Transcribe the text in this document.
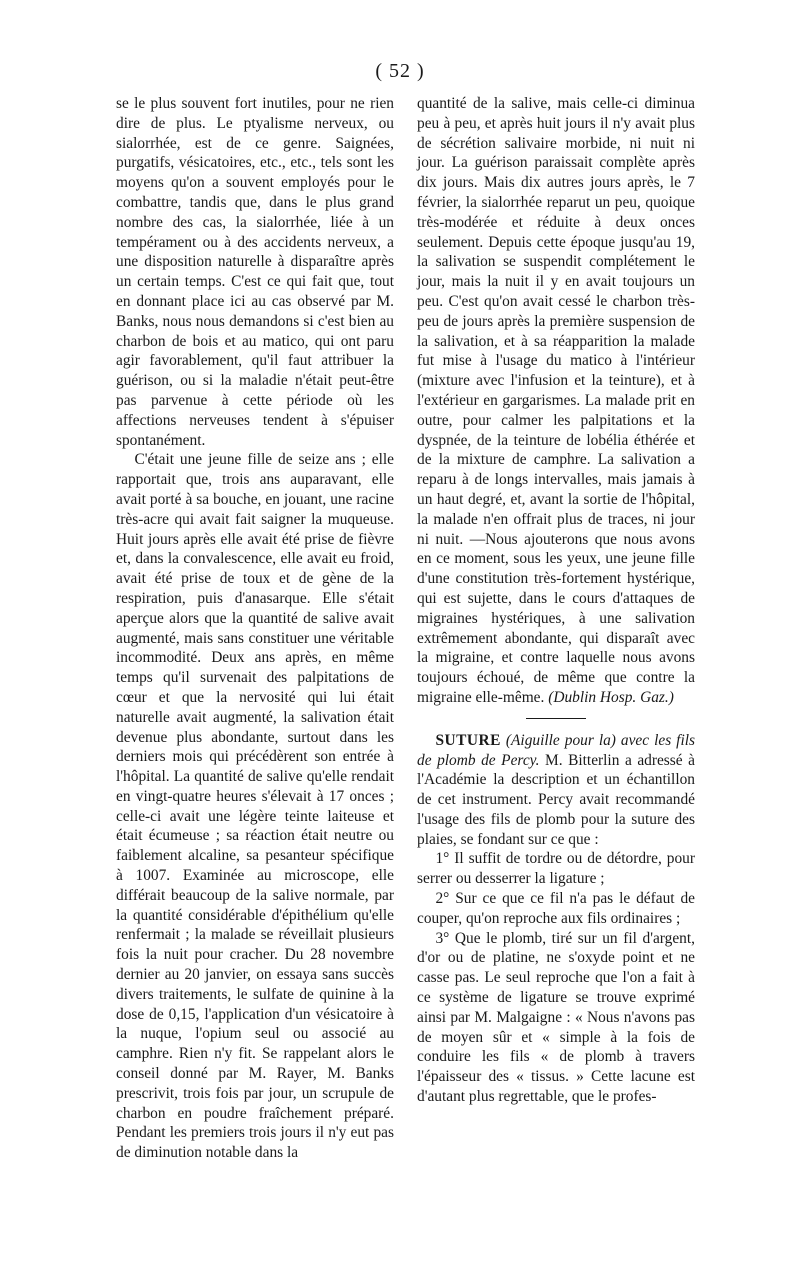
( 52 )

se le plus souvent fort inutiles, pour ne rien dire de plus. Le ptyalisme nerveux, ou sialorrhée, est de ce genre. Saignées, purgatifs, vésicatoires, etc., etc., tels sont les moyens qu'on a souvent employés pour le combattre, tandis que, dans le plus grand nombre des cas, la sialorrhée, liée à un tempérament ou à des accidents nerveux, a une disposition naturelle à disparaître après un certain temps. C'est ce qui fait que, tout en donnant place ici au cas observé par M. Banks, nous nous demandons si c'est bien au charbon de bois et au matico, qui ont paru agir favorablement, qu'il faut attribuer la guérison, ou si la maladie n'était peut-être pas parvenue à cette période où les affections nerveuses tendent à s'épuiser spontanément.

C'était une jeune fille de seize ans ; elle rapportait que, trois ans auparavant, elle avait porté à sa bouche, en jouant, une racine très-acre qui avait fait saigner la muqueuse. Huit jours après elle avait été prise de fièvre et, dans la convalescence, elle avait eu froid, avait été prise de toux et de gène de la respiration, puis d'anasarque. Elle s'était aperçue alors que la quantité de salive avait augmenté, mais sans constituer une véritable incommodité. Deux ans après, en même temps qu'il survenait des palpitations de cœur et que la nervosité qui lui était naturelle avait augmenté, la salivation était devenue plus abondante, surtout dans les derniers mois qui précédèrent son entrée à l'hôpital. La quantité de salive qu'elle rendait en vingt-quatre heures s'élevait à 17 onces ; celle-ci avait une légère teinte laiteuse et était écumeuse ; sa réaction était neutre ou faiblement alcaline, sa pesanteur spécifique à 1007. Examinée au microscope, elle différait beaucoup de la salive normale, par la quantité considérable d'épithélium qu'elle renfermait ; la malade se réveillait plusieurs fois la nuit pour cracher. Du 28 novembre dernier au 20 janvier, on essaya sans succès divers traitements, le sulfate de quinine à la dose de 0,15, l'application d'un vésicatoire à la nuque, l'opium seul ou associé au camphre. Rien n'y fit. Se rappelant alors le conseil donné par M. Rayer, M. Banks prescrivit, trois fois par jour, un scrupule de charbon en poudre fraîchement préparé. Pendant les premiers trois jours il n'y eut pas de diminution notable dans la

quantité de la salive, mais celle-ci diminua peu à peu, et après huit jours il n'y avait plus de sécrétion salivaire morbide, ni nuit ni jour. La guérison paraissait complète après dix jours. Mais dix autres jours après, le 7 février, la sialorrhée reparut un peu, quoique très-modérée et réduite à deux onces seulement. Depuis cette époque jusqu'au 19, la salivation se suspendit complétement le jour, mais la nuit il y en avait toujours un peu. C'est qu'on avait cessé le charbon très-peu de jours après la première suspension de la salivation, et à sa réapparition la malade fut mise à l'usage du matico à l'intérieur (mixture avec l'infusion et la teinture), et à l'extérieur en gargarismes. La malade prit en outre, pour calmer les palpitations et la dyspnée, de la teinture de lobélia éthérée et de la mixture de camphre. La salivation a reparu à de longs intervalles, mais jamais à un haut degré, et, avant la sortie de l'hôpital, la malade n'en offrait plus de traces, ni jour ni nuit. —Nous ajouterons que nous avons en ce moment, sous les yeux, une jeune fille d'une constitution très-fortement hystérique, qui est sujette, dans le cours d'attaques de migraines hystériques, à une salivation extrêmement abondante, qui disparaît avec la migraine, et contre laquelle nous avons toujours échoué, de même que contre la migraine elle-même. (Dublin Hosp. Gaz.)

SUTURE (Aiguille pour la) avec les fils de plomb de Percy. M. Bitterlin a adressé à l'Académie la description et un échantillon de cet instrument. Percy avait recommandé l'usage des fils de plomb pour la suture des plaies, se fondant sur ce que :

1° Il suffit de tordre ou de détordre, pour serrer ou desserrer la ligature ;

2° Sur ce que ce fil n'a pas le défaut de couper, qu'on reproche aux fils ordinaires ;

3° Que le plomb, tiré sur un fil d'argent, d'or ou de platine, ne s'oxyde point et ne casse pas. Le seul reproche que l'on a fait à ce système de ligature se trouve exprimé ainsi par M. Malgaigne : « Nous n'avons pas de moyen sûr et « simple à la fois de conduire les fils « de plomb à travers l'épaisseur des « tissus. » Cette lacune est d'autant plus regrettable, que le profes-
